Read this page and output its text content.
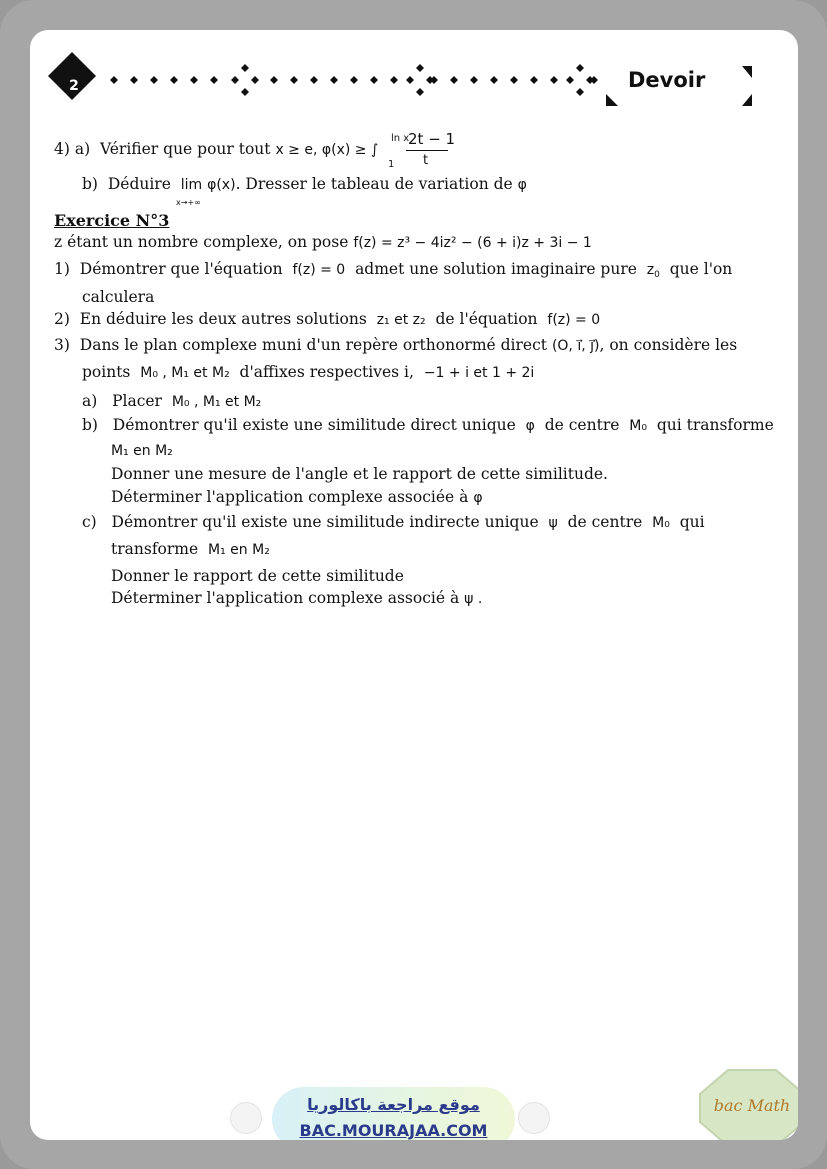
2	Devoir
4) a) Vérifier que pour tout x ≥ e, φ(x) ≥ ∫
ln x
1
2t − 1
t
b) Déduire lim φ(x). Dresser le tableau de variation de φ
x→+∞
Exercice N°3
z étant un nombre complexe, on pose f(z) = z³ − 4iz² − (6 + i)z + 3i − 1
1) Démontrer que l'équation f(z) = 0 admet une solution imaginaire pure $z_0$ que l'on
calculera
2) En déduire les deux autres solutions z₁ et z₂ de l'équation f(z) = 0
3) Dans le plan complexe muni d'un repère orthonormé direct (O, i⃗, j⃗), on considère les
points M₀ , M₁ et M₂ d'affixes respectives i, −1 + i et 1 + 2i
a) Placer M₀ , M₁ et M₂
b) Démontrer qu'il existe une similitude direct unique φ de centre M₀ qui transforme
M₁ en M₂
Donner une mesure de l'angle et le rapport de cette similitude.
Déterminer l'application complexe associée à φ
c) Démontrer qu'il existe une similitude indirecte unique ψ de centre M₀ qui
transforme M₁ en M₂
Donner le rapport de cette similitude
Déterminer l'application complexe associé à ψ .
موقع مراجعة باكالوريا
BAC.MOURAJAA.COM
bac Math
